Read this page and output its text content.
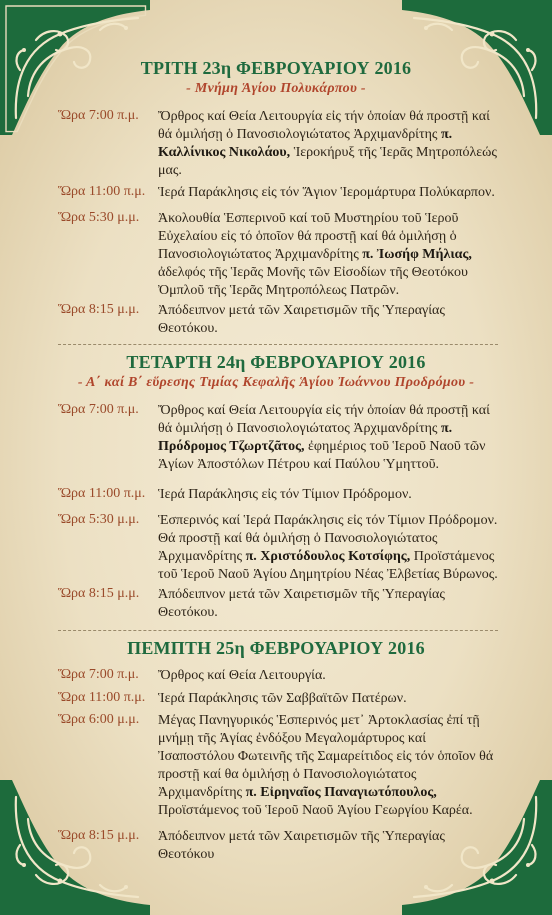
ΤΡΙΤΗ 23η ΦΕΒΡΟΥΑΡΙΟΥ 2016

- Μνήμη Ἁγίου Πολυκάρπου -

Ὥρα 7:00 π.μ.	Ὄρθρος καί Θεία Λειτουργία εἰς τήν ὁποίαν θά προστῇ καί θά ὁμιλήσῃ ὁ Πανοσιολογιώτατος Ἀρχιμανδρίτης π. Καλλίνικος Νικολάου, Ἱεροκήρυξ τῆς Ἱερᾶς Μητροπόλεώς μας.
Ὥρα 11:00 π.μ. Ἱερά Παράκλησις εἰς τόν Ἅγιον Ἱερομάρτυρα Πολύκαρπον.
Ὥρα 5:30 μ.μ.	Ἀκολουθία Ἑσπερινοῦ καί τοῦ Μυστηρίου τοῦ Ἱεροῦ Εὐχελαίου εἰς τό ὁποῖον θά προστῇ καί θά ὁμιλήσῃ ὁ Πανοσιολογιώτατος Ἀρχιμανδρίτης π. Ἰωσήφ Μήλιας, ἀδελφός τῆς Ἱερᾶς Μονῆς τῶν Εἰσοδίων τῆς Θεοτόκου Ὀμπλοῦ τῆς Ἱερᾶς Μητροπόλεως Πατρῶν.
Ὥρα 8:15 μ.μ.	Ἀπόδειπνον μετά τῶν Χαιρετισμῶν τῆς Ὑπεραγίας Θεοτόκου.
ΤΕΤΑΡΤΗ 24η ΦΕΒΡΟΥΑΡΙΟΥ 2016

- Α΄ καί Β΄ εὕρεσης Τιμίας Κεφαλῆς Ἁγίου Ἰωάννου Προδρόμου -

Ὥρα 7:00 π.μ.	Ὄρθρος καί Θεία Λειτουργία εἰς τήν ὁποίαν θά προστῇ καί θά ὁμιλήσῃ ὁ Πανοσιολογιώτατος Ἀρχιμανδρίτης π. Πρόδρομος Τζωρτζᾶτος, ἐφημέριος τοῦ Ἱεροῦ Ναοῦ τῶν Ἁγίων Ἀποστόλων Πέτρου καί Παύλου Ὑμηττοῦ.
Ὥρα 11:00 π.μ. Ἱερά Παράκλησις εἰς τόν Τίμιον Πρόδρομον.
Ὥρα 5:30 μ.μ.	Ἑσπερινός καί Ἱερά Παράκλησις εἰς τόν Τίμιον Πρόδρομον. Θά προστῇ καί θά ὁμιλήσῃ ὁ Πανοσιολογιώτατος Ἀρχιμανδρίτης π. Χριστόδουλος Κοτσίφης, Προϊστάμενος τοῦ Ἱεροῦ Ναοῦ Ἁγίου Δημητρίου Νέας Ἐλβετίας Βύρωνος.
Ὥρα 8:15 μ.μ.	Ἀπόδειπνον μετά τῶν Χαιρετισμῶν τῆς Ὑπεραγίας Θεοτόκου.
ΠΕΜΠΤΗ 25η ΦΕΒΡΟΥΑΡΙΟΥ 2016
Ὥρα 7:00 π.μ.	Ὄρθρος καί Θεία Λειτουργία.
Ὥρα 11:00 π.μ. Ἱερά Παράκλησις τῶν Σαββαϊτῶν Πατέρων.
Ὥρα 6:00 μ.μ.	Μέγας Πανηγυρικός Ἑσπερινός μετ᾿ Ἀρτοκλασίας ἐπί τῇ μνήμῃ τῆς Ἁγίας ἐνδόξου Μεγαλομάρτυρος καί Ἰσαποστόλου Φωτεινῆς τῆς Σαμαρείτιδος εἰς τόν ὁποῖον θά προστῇ καί θα ὁμιλήσῃ ὁ Πανοσιολογιώτατος Ἀρχιμανδρίτης π. Εἰρηναῖος Παναγιωτόπουλος, Προϊστάμενος τοῦ Ἱεροῦ Ναοῦ Ἁγίου Γεωργίου Καρέα.
Ὥρα 8:15 μ.μ.	Ἀπόδειπνον μετά τῶν Χαιρετισμῶν τῆς Ὑπεραγίας Θεοτόκου
